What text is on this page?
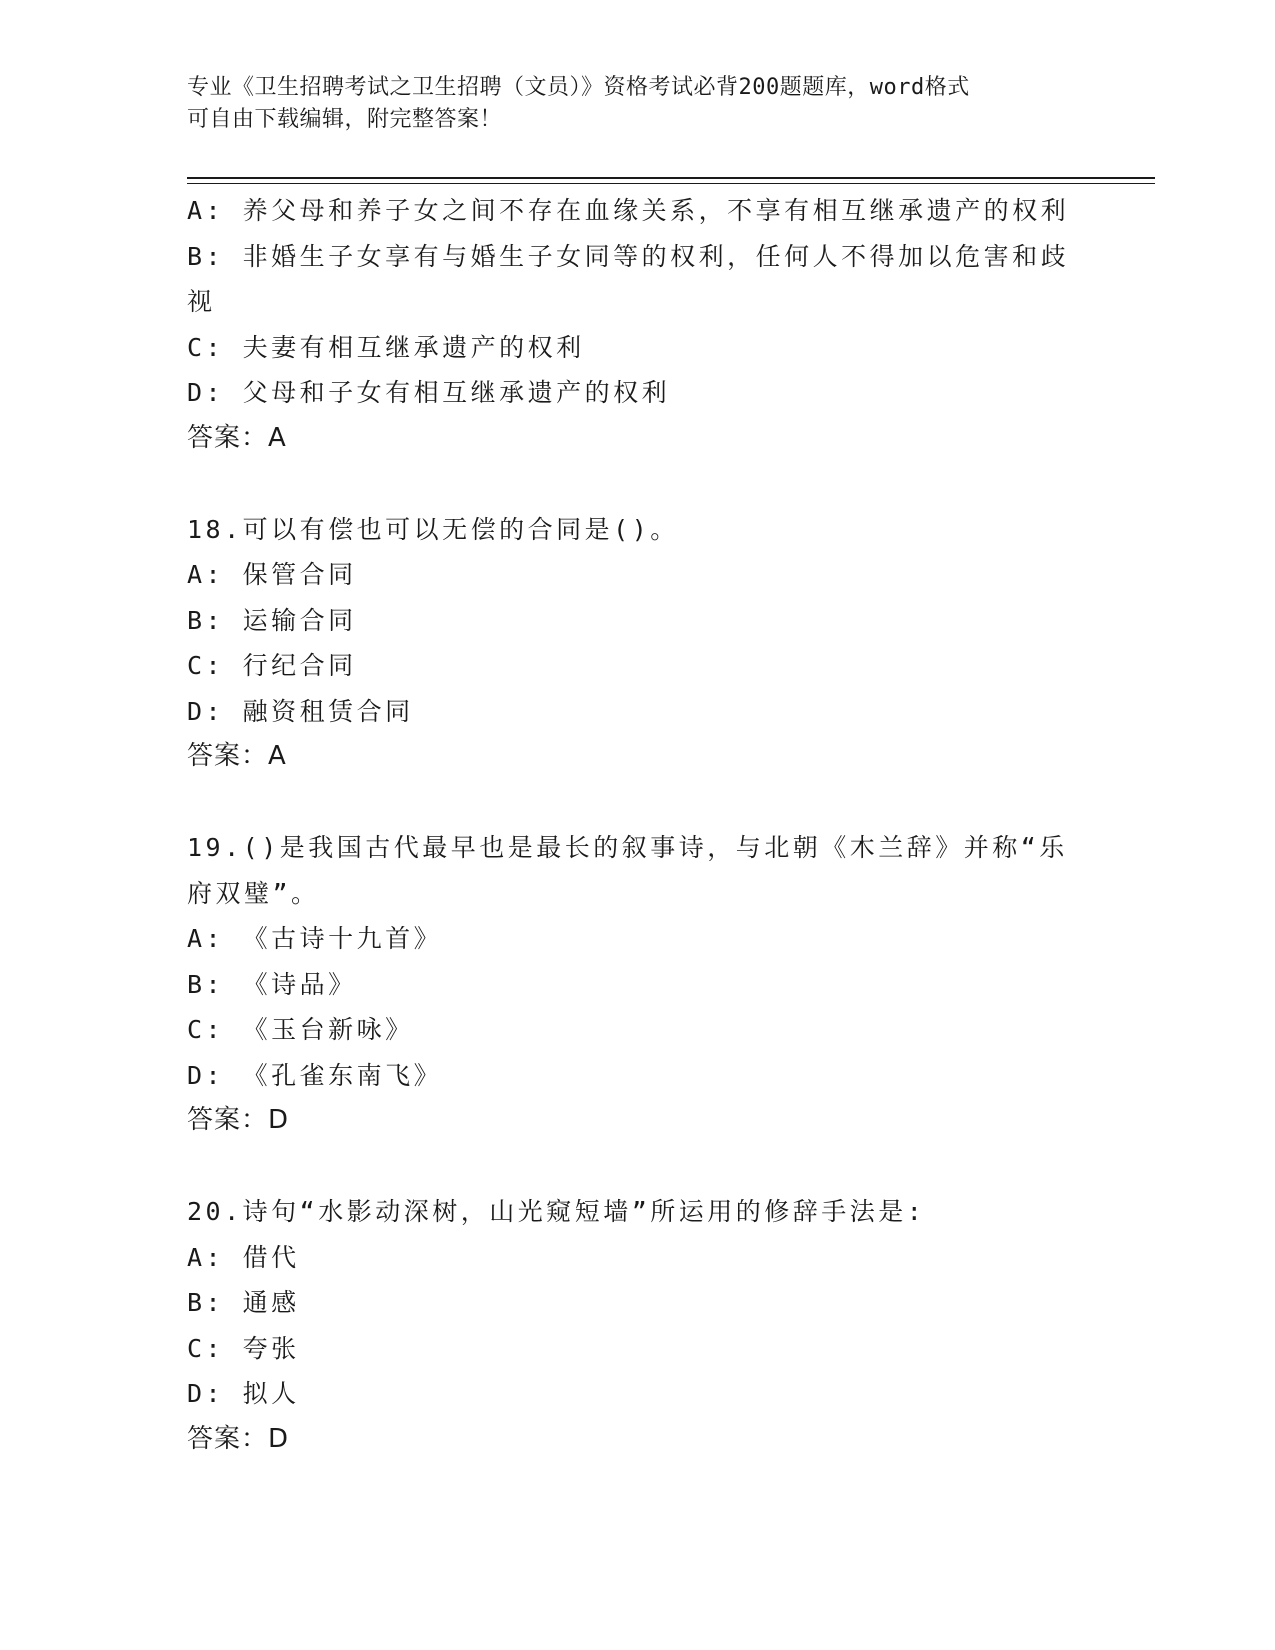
专业《卫生招聘考试之卫生招聘（文员）》资格考试必背200题题库，word格式
可自由下载编辑，附完整答案！
A: 养父母和养子女之间不存在血缘关系，不享有相互继承遗产的权利
B: 非婚生子女享有与婚生子女同等的权利，任何人不得加以危害和歧
视
C: 夫妻有相互继承遗产的权利
D: 父母和子女有相互继承遗产的权利
答案：A
18.可以有偿也可以无偿的合同是()。
A: 保管合同
B: 运输合同
C: 行纪合同
D: 融资租赁合同
答案：A
19.()是我国古代最早也是最长的叙事诗，与北朝《木兰辞》并称“乐
府双璧”。
A: 《古诗十九首》
B: 《诗品》
C: 《玉台新咏》
D: 《孔雀东南飞》
答案：D
20.诗句“水影动深树，山光窥短墙”所运用的修辞手法是:
A: 借代
B: 通感
C: 夸张
D: 拟人
答案：D
